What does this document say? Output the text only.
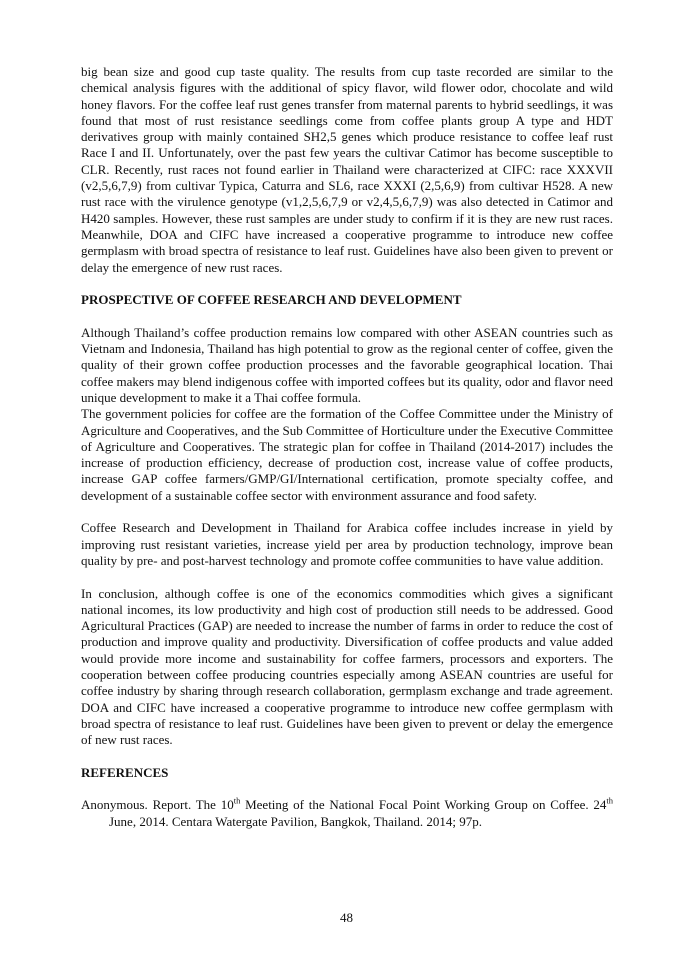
big bean size and good cup taste quality. The results from cup taste recorded are similar to the chemical analysis figures with the additional of spicy flavor, wild flower odor, chocolate and wild honey flavors. For the coffee leaf rust genes transfer from maternal parents to hybrid seedlings, it was found that most of rust resistance seedlings come from coffee plants group A type and HDT derivatives group with mainly contained SH2,5 genes which produce resistance to coffee leaf rust Race I and II. Unfortunately, over the past few years the cultivar Catimor has become susceptible to CLR. Recently, rust races not found earlier in Thailand were characterized at CIFC: race XXXVII (v2,5,6,7,9) from cultivar Typica, Caturra and SL6, race XXXI (2,5,6,9) from cultivar H528. A new rust race with the virulence genotype (v1,2,5,6,7,9 or v2,4,5,6,7,9) was also detected in Catimor and H420 samples. However, these rust samples are under study to confirm if it is they are new rust races. Meanwhile, DOA and CIFC have increased a cooperative programme to introduce new coffee germplasm with broad spectra of resistance to leaf rust. Guidelines have also been given to prevent or delay the emergence of new rust races.

PROSPECTIVE OF COFFEE RESEARCH AND DEVELOPMENT

Although Thailand’s coffee production remains low compared with other ASEAN countries such as Vietnam and Indonesia, Thailand has high potential to grow as the regional center of coffee, given the quality of their grown coffee production processes and the favorable geographical location. Thai coffee makers may blend indigenous coffee with imported coffees but its quality, odor and flavor need unique development to make it a Thai coffee formula.

The government policies for coffee are the formation of the Coffee Committee under the Ministry of Agriculture and Cooperatives, and the Sub Committee of Horticulture under the Executive Committee of Agriculture and Cooperatives. The strategic plan for coffee in Thailand (2014-2017) includes the increase of production efficiency, decrease of production cost, increase value of coffee products, increase GAP coffee farmers/GMP/GI/International certification, promote specialty coffee, and development of a sustainable coffee sector with environment assurance and food safety.

Coffee Research and Development in Thailand for Arabica coffee includes increase in yield by improving rust resistant varieties, increase yield per area by production technology, improve bean quality by pre- and post-harvest technology and promote coffee communities to have value addition.

In conclusion, although coffee is one of the economics commodities which gives a significant national incomes, its low productivity and high cost of production still needs to be addressed. Good Agricultural Practices (GAP) are needed to increase the number of farms in order to reduce the cost of production and improve quality and productivity. Diversification of coffee products and value added would provide more income and sustainability for coffee farmers, processors and exporters. The cooperation between coffee producing countries especially among ASEAN countries are useful for coffee industry by sharing through research collaboration, germplasm exchange and trade agreement. DOA and CIFC have increased a cooperative programme to introduce new coffee germplasm with broad spectra of resistance to leaf rust. Guidelines have been given to prevent or delay the emergence of new rust races.

REFERENCES

Anonymous. Report. The 10th Meeting of the National Focal Point Working Group on Coffee. 24th June, 2014. Centara Watergate Pavilion, Bangkok, Thailand. 2014; 97p.

48
